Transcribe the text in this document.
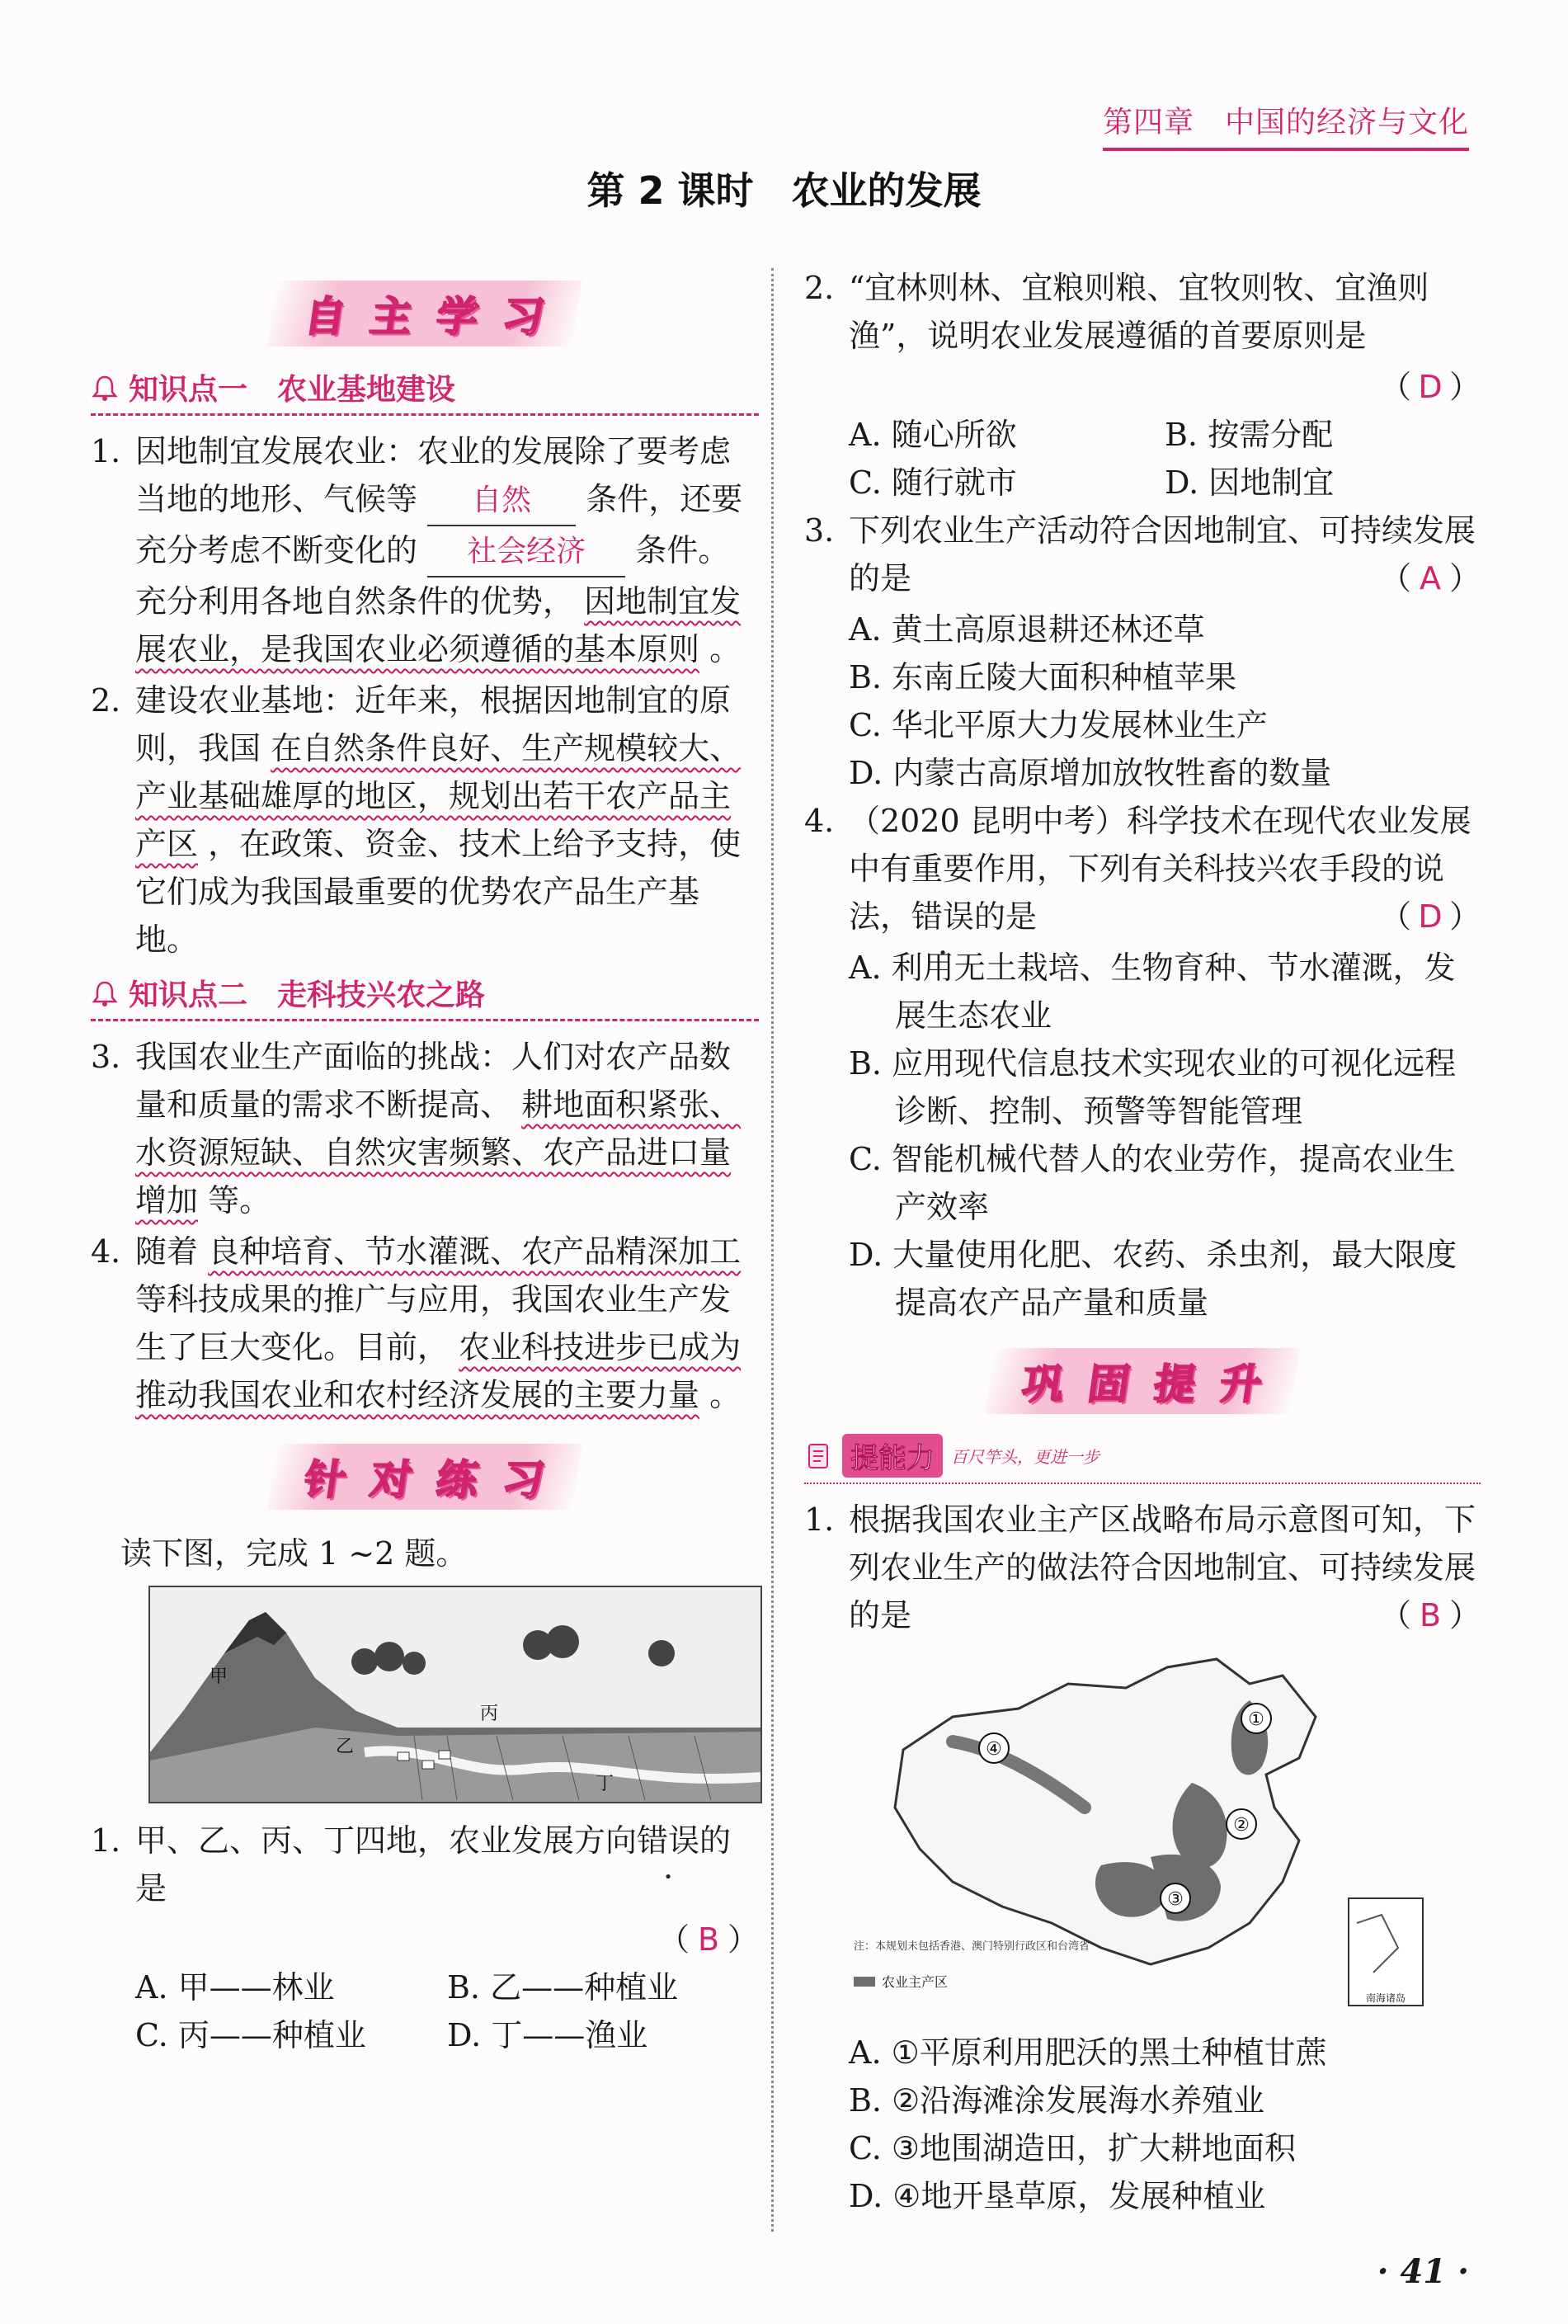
第四章　中国的经济与文化
第 2 课时　农业的发展
自主学习
知识点一　农业基地建设
1. 因地制宜发展农业：农业的发展除了要考虑当地的地形、气候等 自然 条件，还要充分考虑不断变化的 社会经济 条件。充分利用各地自然条件的优势， 因地制宜发展农业，是我国农业必须遵循的基本原则 。
2. 建设农业基地：近年来，根据因地制宜的原则，我国 在自然条件良好、生产规模较大、产业基础雄厚的地区，规划出若干农产品主产区 ，在政策、资金、技术上给予支持，使它们成为我国最重要的优势农产品生产基地。
知识点二　走科技兴农之路
3. 我国农业生产面临的挑战：人们对农产品数量和质量的需求不断提高、 耕地面积紧张、水资源短缺、自然灾害频繁、农产品进口量增加 等。
4. 随着 良种培育、节水灌溉、农产品精深加工 等科技成果的推广与应用，我国农业生产发生了巨大变化。目前， 农业科技进步已成为推动我国农业和农村经济发展的主要力量 。
针对练习
读下图，完成 1 ~2 题。
甲
乙
丙
丁
1. 甲、乙、丙、丁四地，农业发展方向错误的是
（ B ）
A. 甲——林业	B. 乙——种植业
C. 丙——种植业	D. 丁——渔业
2. “宜林则林、宜粮则粮、宜牧则牧、宜渔则渔”，说明农业发展遵循的首要原则是
（ D ）
A. 随心所欲	B. 按需分配
C. 随行就市	D. 因地制宜
3. 下列农业生产活动符合因地制宜、可持续发展的是	（ A ）
A. 黄土高原退耕还林还草
B. 东南丘陵大面积种植苹果
C. 华北平原大力发展林业生产
D. 内蒙古高原增加放牧牲畜的数量
4. （2020 昆明中考）科学技术在现代农业发展中有重要作用，下列有关科技兴农手段的说法，错误的是	（ D ）
A. 利用无土栽培、生物育种、节水灌溉，发展生态农业
B. 应用现代信息技术实现农业的可视化远程诊断、控制、预警等智能管理
C. 智能机械代替人的农业劳作，提高农业生产效率
D. 大量使用化肥、农药、杀虫剂，最大限度提高农产品产量和质量
巩固提升
提能力	百尺竿头，更进一步
1. 根据我国农业主产区战略布局示意图可知，下列农业生产的做法符合因地制宜、可持续发展的是	（ B ）
①
②
③
④
注：本规划未包括香港、澳门特别行政区和台湾省
农业主产区
南海诸岛
A. ①平原利用肥沃的黑土种植甘蔗
B. ②沿海滩涂发展海水养殖业
C. ③地围湖造田，扩大耕地面积
D. ④地开垦草原，发展种植业
· 41 ·
